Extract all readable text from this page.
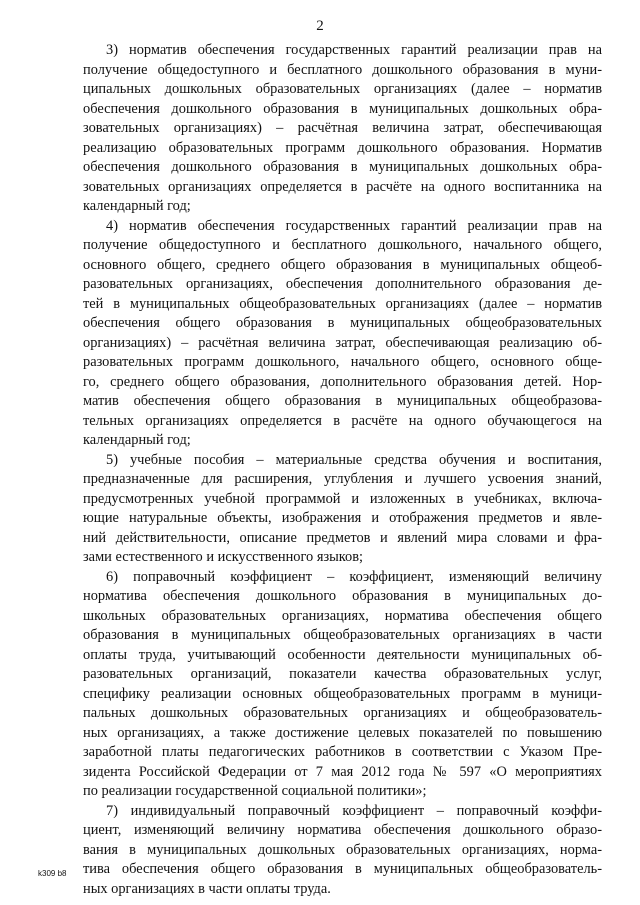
2
3) норматив обеспечения государственных гарантий реализации прав на
получение общедоступного и бесплатного дошкольного образования в муни-
ципальных дошкольных образовательных организациях (далее – норматив
обеспечения дошкольного образования в муниципальных дошкольных обра-
зовательных организациях) – расчётная величина затрат, обеспечивающая
реализацию образовательных программ дошкольного образования. Норматив
обеспечения дошкольного образования в муниципальных дошкольных обра-
зовательных организациях определяется в расчёте на одного воспитанника на
календарный год;
4) норматив обеспечения государственных гарантий реализации прав на
получение общедоступного и бесплатного дошкольного, начального общего,
основного общего, среднего общего образования в муниципальных общеоб-
разовательных организациях, обеспечения дополнительного образования де-
тей в муниципальных общеобразовательных организациях (далее – норматив
обеспечения общего образования в муниципальных общеобразовательных
организациях) – расчётная величина затрат, обеспечивающая реализацию об-
разовательных программ дошкольного, начального общего, основного обще-
го, среднего общего образования, дополнительного образования детей. Нор-
матив обеспечения общего образования в муниципальных общеобразова-
тельных организациях определяется в расчёте на одного обучающегося на
календарный год;
5) учебные пособия – материальные средства обучения и воспитания,
предназначенные для расширения, углубления и лучшего усвоения знаний,
предусмотренных учебной программой и изложенных в учебниках, включа-
ющие натуральные объекты, изображения и отображения предметов и явле-
ний действительности, описание предметов и явлений мира словами и фра-
зами естественного и искусственного языков;
6) поправочный коэффициент – коэффициент, изменяющий величину
норматива обеспечения дошкольного образования в муниципальных до-
школьных образовательных организациях, норматива обеспечения общего
образования в муниципальных общеобразовательных организациях в части
оплаты труда, учитывающий особенности деятельности муниципальных об-
разовательных организаций, показатели качества образовательных услуг,
специфику реализации основных общеобразовательных программ в муници-
пальных дошкольных образовательных организациях и общеобразователь-
ных организациях, а также достижение целевых показателей по повышению
заработной платы педагогических работников в соответствии с Указом Пре-
зидента Российской Федерации от 7 мая 2012 года № 597 «О мероприятиях
по реализации государственной социальной политики»;
7) индивидуальный поправочный коэффициент – поправочный коэффи-
циент, изменяющий величину норматива обеспечения дошкольного образо-
вания в муниципальных дошкольных образовательных организациях, норма-
тива обеспечения общего образования в муниципальных общеобразователь-
ных организациях в части оплаты труда.
k309 b8
